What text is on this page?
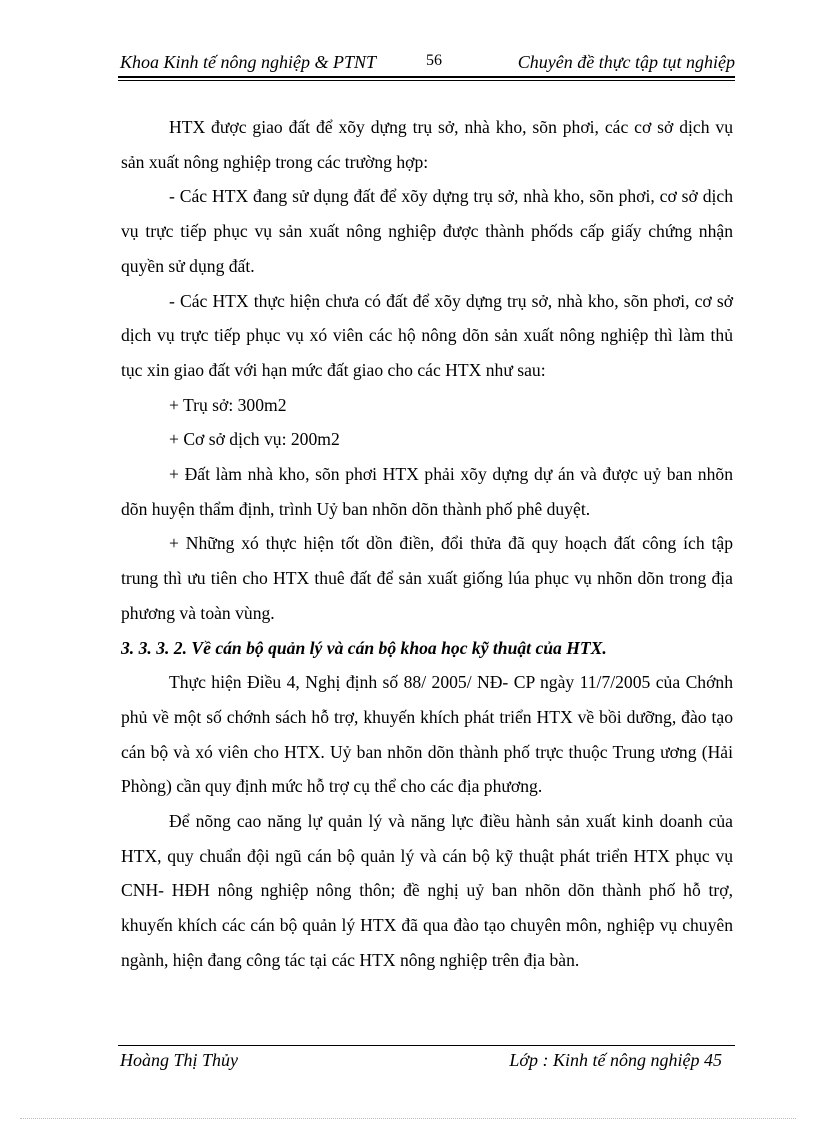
Khoa Kinh tế nông nghiệp & PTNT	56	Chuyên đề thực tập tụt nghiệp

HTX được giao đất để xõy dựng trụ sở, nhà kho, sõn phơi, các cơ sở dịch vụ sản xuất nông nghiệp trong các trường hợp:

- Các HTX đang sử dụng đất để xõy dựng trụ sở, nhà kho, sõn phơi, cơ sở dịch vụ trực tiếp phục vụ sản xuất nông nghiệp được thành phốds cấp giấy chứng nhận quyền sử dụng đất.

- Các HTX thực hiện chưa có đất để xõy dựng trụ sở, nhà kho, sõn phơi, cơ sở dịch vụ trực tiếp phục vụ xó viên các hộ nông dõn sản xuất nông nghiệp thì làm thủ tục xin giao đất với hạn mức đất giao cho các HTX như sau:

+ Trụ sở: 300m2

+ Cơ sở dịch vụ: 200m2

+ Đất làm nhà kho, sõn phơi HTX phải xõy dựng dự án và được uỷ ban nhõn dõn huyện thẩm định, trình Uỷ ban nhõn dõn thành phố phê duyệt.

+ Những xó thực hiện tốt dồn điền, đổi thửa đã quy hoạch đất công ích tập trung thì ưu tiên cho HTX thuê đất để sản xuất giống lúa phục vụ nhõn dõn trong địa phương và toàn vùng.

3. 3. 3. 2. Về cán bộ quản lý và cán bộ khoa học kỹ thuật của HTX.

Thực hiện Điều 4, Nghị định số 88/ 2005/ NĐ- CP ngày 11/7/2005 của Chớnh phủ về một số chớnh sách hỗ trợ, khuyến khích phát triển HTX về bồi dưỡng, đào tạo cán bộ và xó viên cho HTX. Uỷ ban nhõn dõn thành phố trực thuộc Trung ương (Hải Phòng) cần quy định mức hỗ trợ cụ thể cho các địa phương.

Để nõng cao năng lự quản lý và năng lực điều hành sản xuất kinh doanh của HTX, quy chuẩn đội ngũ cán bộ quản lý và cán bộ kỹ thuật phát triển HTX phục vụ CNH- HĐH nông nghiệp nông thôn; đề nghị uỷ ban nhõn dõn thành phố hỗ trợ, khuyến khích các cán bộ quản lý HTX đã qua đào tạo chuyên môn, nghiệp vụ chuyên ngành, hiện đang công tác tại các HTX nông nghiệp trên địa bàn.

Hoàng Thị Thủy	Lớp : Kinh tế nông nghiệp 45
